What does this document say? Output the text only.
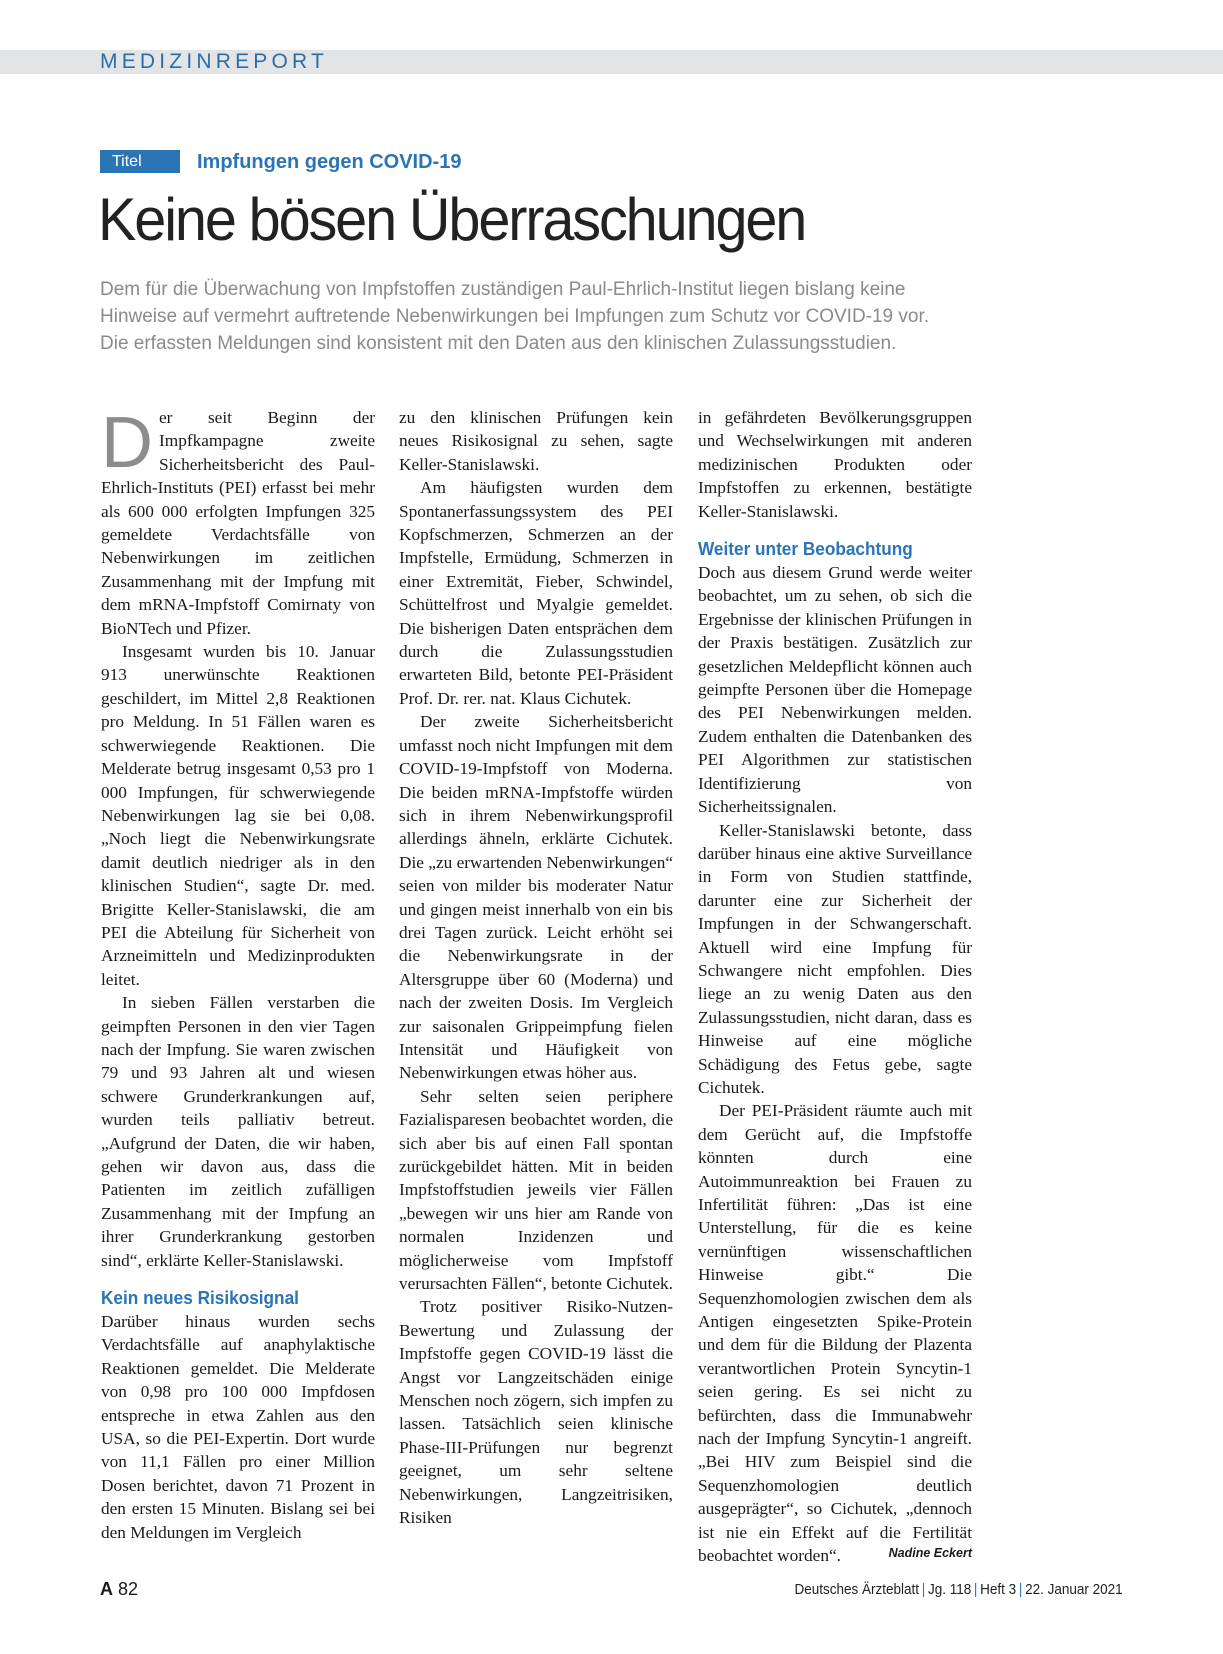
MEDIZINREPORT
Titel	Impfungen gegen COVID-19
Keine bösen Überraschungen

Dem für die Überwachung von Impfstoffen zuständigen Paul-Ehrlich-Institut liegen bislang keine Hinweise auf vermehrt auftretende Nebenwirkungen bei Impfungen zum Schutz vor COVID-19 vor. Die erfassten Meldungen sind konsistent mit den Daten aus den klinischen Zulassungsstudien.

Der seit Beginn der Impfkampagne zweite Sicherheitsbericht des Paul-Ehrlich-Instituts (PEI) erfasst bei mehr als 600 000 erfolgten Impfungen 325 gemeldete Verdachtsfälle von Nebenwirkungen im zeitlichen Zusammenhang mit der Impfung mit dem mRNA-Impfstoff Comirnaty von BioNTech und Pfizer.

Insgesamt wurden bis 10. Januar 913 unerwünschte Reaktionen geschildert, im Mittel 2,8 Reaktionen pro Meldung. In 51 Fällen waren es schwerwiegende Reaktionen. Die Melderate betrug insgesamt 0,53 pro 1 000 Impfungen, für schwerwiegende Nebenwirkungen lag sie bei 0,08. „Noch liegt die Nebenwirkungsrate damit deutlich niedriger als in den klinischen Studien“, sagte Dr. med. Brigitte Keller-Stanislawski, die am PEI die Abteilung für Sicherheit von Arzneimitteln und Medizinprodukten leitet.

In sieben Fällen verstarben die geimpften Personen in den vier Tagen nach der Impfung. Sie waren zwischen 79 und 93 Jahren alt und wiesen schwere Grunderkrankungen auf, wurden teils palliativ betreut. „Aufgrund der Daten, die wir haben, gehen wir davon aus, dass die Patienten im zeitlich zufälligen Zusammenhang mit der Impfung an ihrer Grunderkrankung gestorben sind“, erklärte Keller-Stanislawski.

Kein neues Risikosignal

Darüber hinaus wurden sechs Verdachtsfälle auf anaphylaktische Reaktionen gemeldet. Die Melderate von 0,98 pro 100 000 Impfdosen entspreche in etwa Zahlen aus den USA, so die PEI-Expertin. Dort wurde von 11,1 Fällen pro einer Million Dosen berichtet, davon 71 Prozent in den ersten 15 Minuten. Bislang sei bei den Meldungen im Vergleich

zu den klinischen Prüfungen kein neues Risikosignal zu sehen, sagte Keller-Stanislawski.

Am häufigsten wurden dem Spontanerfassungssystem des PEI Kopfschmerzen, Schmerzen an der Impfstelle, Ermüdung, Schmerzen in einer Extremität, Fieber, Schwindel, Schüttelfrost und Myalgie gemeldet. Die bisherigen Daten entsprächen dem durch die Zulassungsstudien erwarteten Bild, betonte PEI-Präsident Prof. Dr. rer. nat. Klaus Cichutek.

Der zweite Sicherheitsbericht umfasst noch nicht Impfungen mit dem COVID-19-Impfstoff von Moderna. Die beiden mRNA-Impfstoffe würden sich in ihrem Nebenwirkungsprofil allerdings ähneln, erklärte Cichutek. Die „zu erwartenden Nebenwirkungen“ seien von milder bis moderater Natur und gingen meist innerhalb von ein bis drei Tagen zurück. Leicht erhöht sei die Nebenwirkungsrate in der Altersgruppe über 60 (Moderna) und nach der zweiten Dosis. Im Vergleich zur saisonalen Grippeimpfung fielen Intensität und Häufigkeit von Nebenwirkungen etwas höher aus.

Sehr selten seien periphere Fazialisparesen beobachtet worden, die sich aber bis auf einen Fall spontan zurückgebildet hätten. Mit in beiden Impfstoffstudien jeweils vier Fällen „bewegen wir uns hier am Rande von normalen Inzidenzen und möglicherweise vom Impfstoff verursachten Fällen“, betonte Cichutek.

Trotz positiver Risiko-Nutzen-Bewertung und Zulassung der Impfstoffe gegen COVID-19 lässt die Angst vor Langzeitschäden einige Menschen noch zögern, sich impfen zu lassen. Tatsächlich seien klinische Phase-III-Prüfungen nur begrenzt geeignet, um sehr seltene Nebenwirkungen, Langzeitrisiken, Risiken

in gefährdeten Bevölkerungsgruppen und Wechselwirkungen mit anderen medizinischen Produkten oder Impfstoffen zu erkennen, bestätigte Keller-Stanislawski.

Weiter unter Beobachtung

Doch aus diesem Grund werde weiter beobachtet, um zu sehen, ob sich die Ergebnisse der klinischen Prüfungen in der Praxis bestätigen. Zusätzlich zur gesetzlichen Meldepflicht können auch geimpfte Personen über die Homepage des PEI Nebenwirkungen melden. Zudem enthalten die Datenbanken des PEI Algorithmen zur statistischen Identifizierung von Sicherheitssignalen.

Keller-Stanislawski betonte, dass darüber hinaus eine aktive Surveillance in Form von Studien stattfinde, darunter eine zur Sicherheit der Impfungen in der Schwangerschaft. Aktuell wird eine Impfung für Schwangere nicht empfohlen. Dies liege an zu wenig Daten aus den Zulassungsstudien, nicht daran, dass es Hinweise auf eine mögliche Schädigung des Fetus gebe, sagte Cichutek.

Der PEI-Präsident räumte auch mit dem Gerücht auf, die Impfstoffe könnten durch eine Autoimmunreaktion bei Frauen zu Infertilität führen: „Das ist eine Unterstellung, für die es keine vernünftigen wissenschaftlichen Hinweise gibt.“ Die Sequenzhomologien zwischen dem als Antigen eingesetzten Spike-Protein und dem für die Bildung der Plazenta verantwortlichen Protein Syncytin-1 seien gering. Es sei nicht zu befürchten, dass die Immunabwehr nach der Impfung Syncytin-1 angreift. „Bei HIV zum Beispiel sind die Sequenzhomologien deutlich ausgeprägter“, so Cichutek, „dennoch ist nie ein Effekt auf die Fertilität beobachtet worden“.	Nadine Eckert
A 82	Deutsches Ärzteblatt | Jg. 118 | Heft 3 | 22. Januar 2021
